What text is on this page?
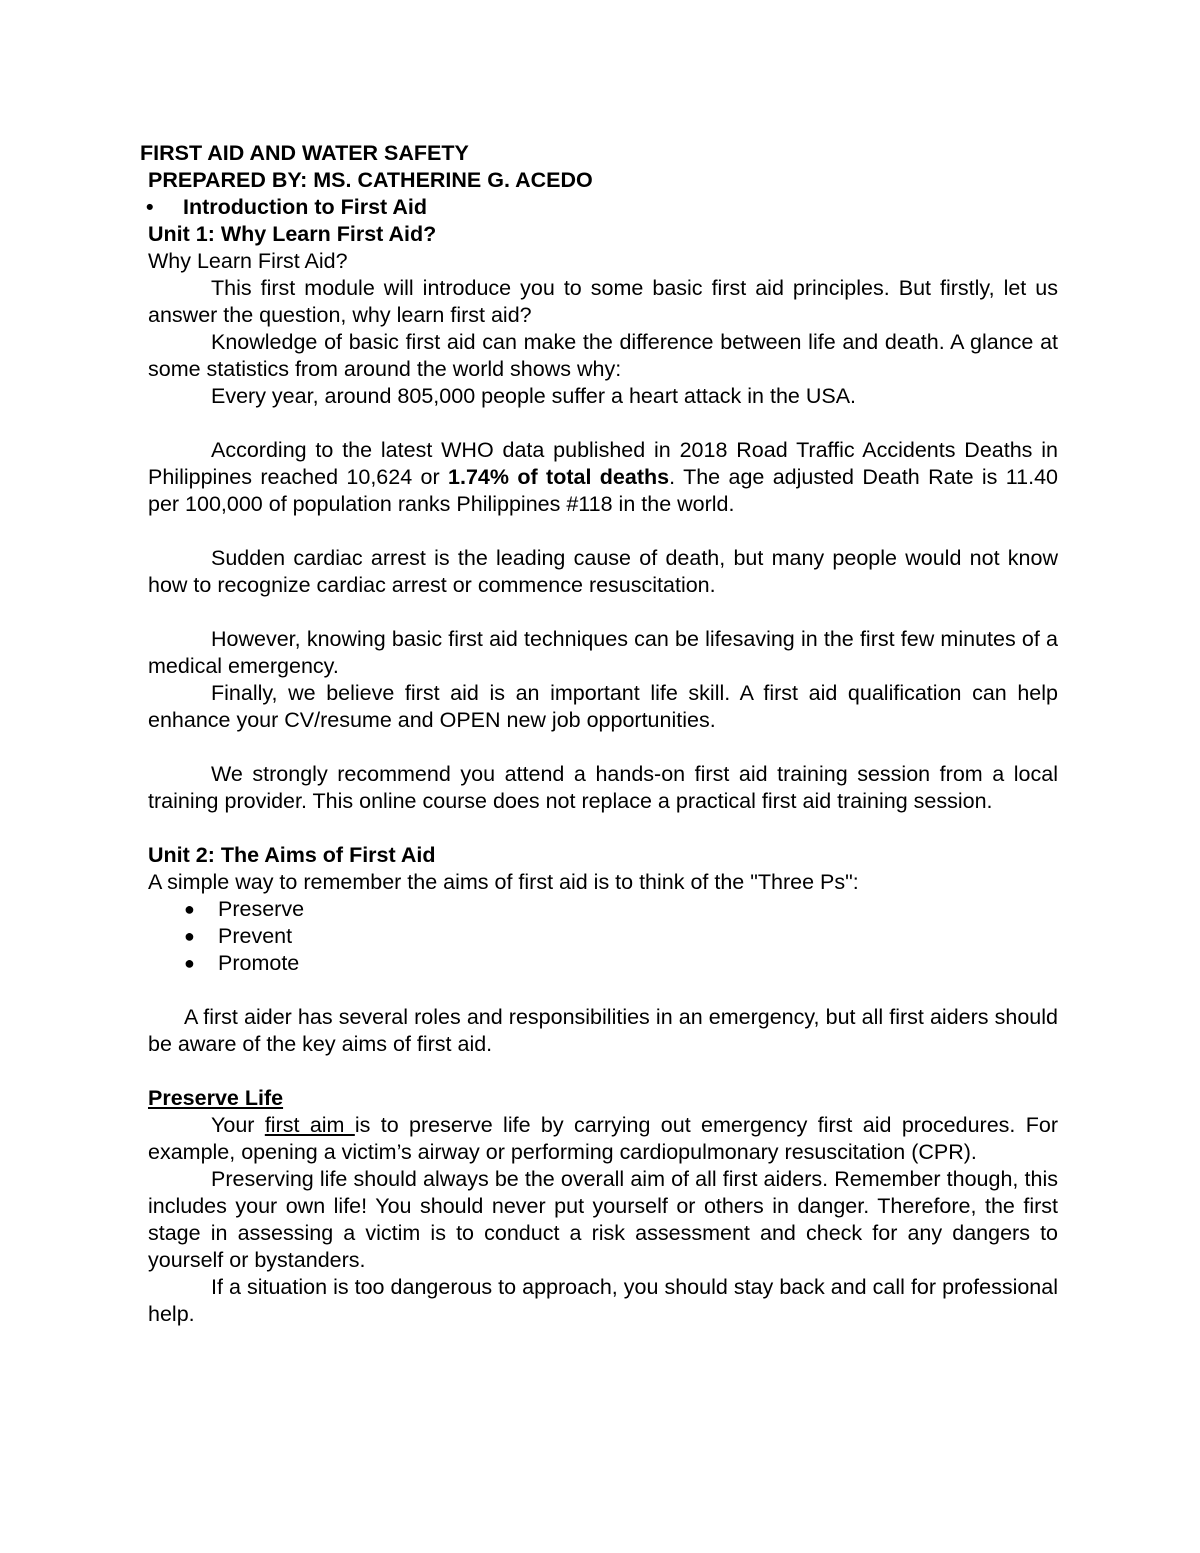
FIRST AID AND WATER SAFETY

PREPARED BY: MS. CATHERINE G. ACEDO

• Introduction to First Aid

Unit 1: Why Learn First Aid?

Why Learn First Aid?

This first module will introduce you to some basic first aid principles. But firstly, let us answer the question, why learn first aid?

Knowledge of basic first aid can make the difference between life and death. A glance at some statistics from around the world shows why:

Every year, around 805,000 people suffer a heart attack in the USA.

According to the latest WHO data published in 2018 Road Traffic Accidents Deaths in Philippines reached 10,624 or 1.74% of total deaths. The age adjusted Death Rate is 11.40 per 100,000 of population ranks Philippines #118 in the world.

Sudden cardiac arrest is the leading cause of death, but many people would not know how to recognize cardiac arrest or commence resuscitation.

However, knowing basic first aid techniques can be lifesaving in the first few minutes of a medical emergency.

Finally, we believe first aid is an important life skill. A first aid qualification can help enhance your CV/resume and OPEN new job opportunities.

We strongly recommend you attend a hands-on first aid training session from a local training provider. This online course does not replace a practical first aid training session.

Unit 2: The Aims of First Aid

A simple way to remember the aims of first aid is to think of the "Three Ps":

● Preserve
● Prevent
● Promote

A first aider has several roles and responsibilities in an emergency, but all first aiders should be aware of the key aims of first aid.

Preserve Life

Your first aim is to preserve life by carrying out emergency first aid procedures. For example, opening a victim’s airway or performing cardiopulmonary resuscitation (CPR).

Preserving life should always be the overall aim of all first aiders. Remember though, this includes your own life! You should never put yourself or others in danger. Therefore, the first stage in assessing a victim is to conduct a risk assessment and check for any dangers to yourself or bystanders.

If a situation is too dangerous to approach, you should stay back and call for professional help.
